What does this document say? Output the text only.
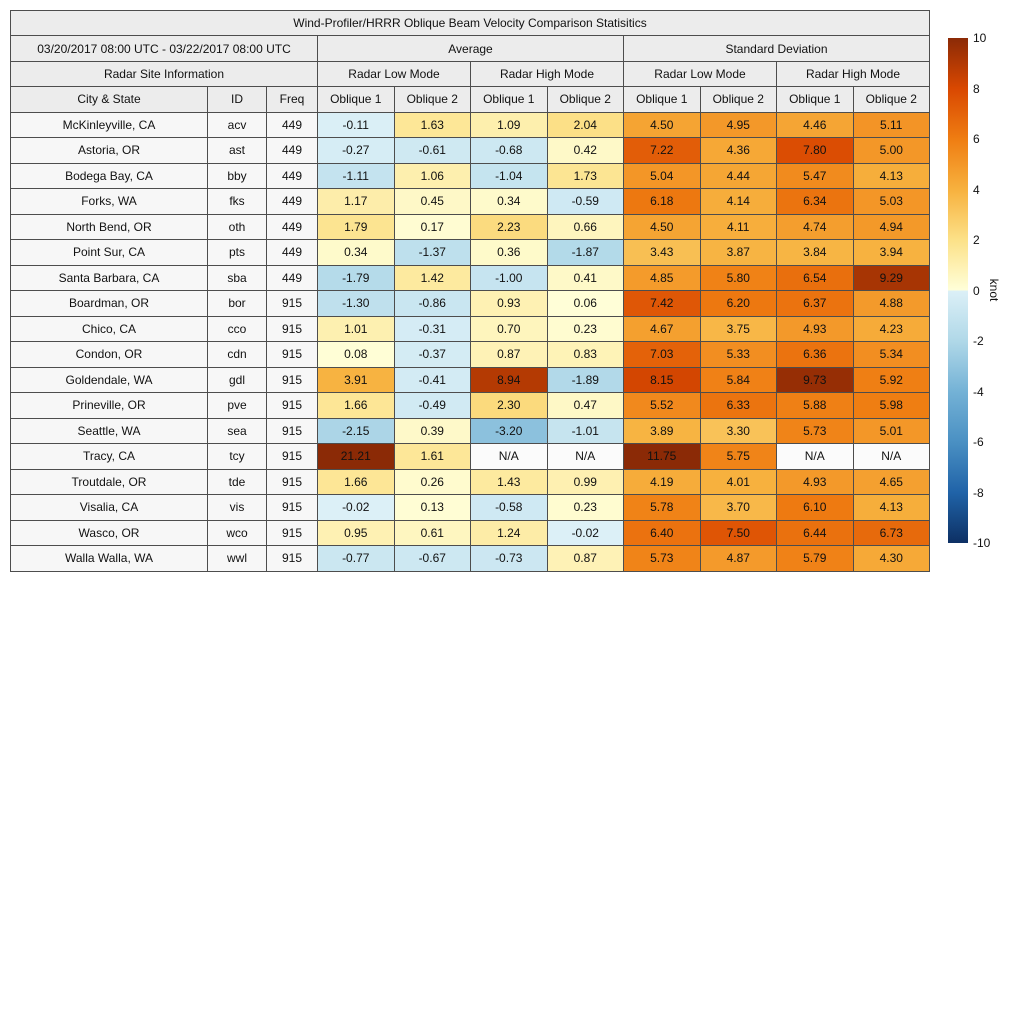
Wind-Profiler/HRRR Oblique Beam Velocity Comparison Statisitics										
03/20/2017 08:00 UTC - 03/22/2017 08:00 UTC			Average				Standard Deviation			
Radar Site Information			Radar Low Mode		Radar High Mode		Radar Low Mode		Radar High Mode	
City & State	ID	Freq	Oblique 1	Oblique 2	Oblique 1	Oblique 2	Oblique 1	Oblique 2	Oblique 1	Oblique 2
McKinleyville, CA	acv	449	-0.11	1.63	1.09	2.04	4.50	4.95	4.46	5.11
Astoria, OR	ast	449	-0.27	-0.61	-0.68	0.42	7.22	4.36	7.80	5.00
Bodega Bay, CA	bby	449	-1.11	1.06	-1.04	1.73	5.04	4.44	5.47	4.13
Forks, WA	fks	449	1.17	0.45	0.34	-0.59	6.18	4.14	6.34	5.03
North Bend, OR	oth	449	1.79	0.17	2.23	0.66	4.50	4.11	4.74	4.94
Point Sur, CA	pts	449	0.34	-1.37	0.36	-1.87	3.43	3.87	3.84	3.94
Santa Barbara, CA	sba	449	-1.79	1.42	-1.00	0.41	4.85	5.80	6.54	9.29
Boardman, OR	bor	915	-1.30	-0.86	0.93	0.06	7.42	6.20	6.37	4.88
Chico, CA	cco	915	1.01	-0.31	0.70	0.23	4.67	3.75	4.93	4.23
Condon, OR	cdn	915	0.08	-0.37	0.87	0.83	7.03	5.33	6.36	5.34
Goldendale, WA	gdl	915	3.91	-0.41	8.94	-1.89	8.15	5.84	9.73	5.92
Prineville, OR	pve	915	1.66	-0.49	2.30	0.47	5.52	6.33	5.88	5.98
Seattle, WA	sea	915	-2.15	0.39	-3.20	-1.01	3.89	3.30	5.73	5.01
Tracy, CA	tcy	915	21.21	1.61	N/A	N/A	11.75	5.75	N/A	N/A
Troutdale, OR	tde	915	1.66	0.26	1.43	0.99	4.19	4.01	4.93	4.65
Visalia, CA	vis	915	-0.02	0.13	-0.58	0.23	5.78	3.70	6.10	4.13
Wasco, OR	wco	915	0.95	0.61	1.24	-0.02	6.40	7.50	6.44	6.73
Walla Walla, WA	wwl	915	-0.77	-0.67	-0.73	0.87	5.73	4.87	5.79	4.30
10
8
6
4
2
0
-2
-4
-6
-8
-10
knot
